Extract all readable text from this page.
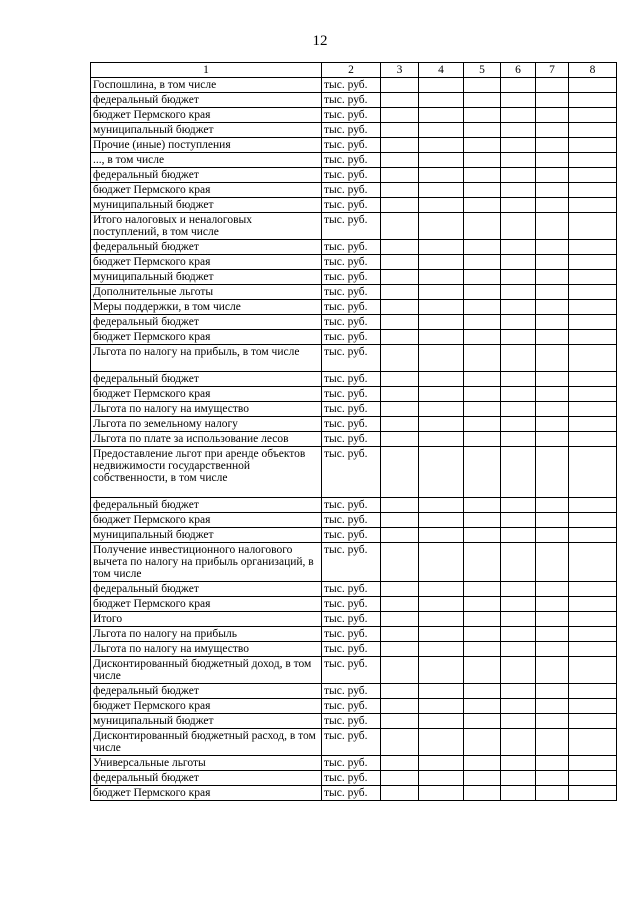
12
1	2	3	4	5	6	7	8
Госпошлина, в том числе	тыс. руб.						
федеральный бюджет	тыс. руб.						
бюджет Пермского края	тыс. руб.						
муниципальный бюджет	тыс. руб.						
Прочие (иные) поступления	тыс. руб.						
..., в том числе	тыс. руб.						
федеральный бюджет	тыс. руб.						
бюджет Пермского края	тыс. руб.						
муниципальный бюджет	тыс. руб.						
Итого налоговых и неналоговых поступлений, в том числе	тыс. руб.						
федеральный бюджет	тыс. руб.						
бюджет Пермского края	тыс. руб.						
муниципальный бюджет	тыс. руб.						
Дополнительные льготы	тыс. руб.						
Меры поддержки, в том числе	тыс. руб.						
федеральный бюджет	тыс. руб.						
бюджет Пермского края	тыс. руб.						
Льгота по налогу на прибыль, в том числе	тыс. руб.						
федеральный бюджет	тыс. руб.						
бюджет Пермского края	тыс. руб.						
Льгота по налогу на имущество	тыс. руб.						
Льгота по земельному налогу	тыс. руб.						
Льгота по плате за использование лесов	тыс. руб.						
Предоставление льгот при аренде объектов недвижимости государственной собственности, в том числе	тыс. руб.						
федеральный бюджет	тыс. руб.						
бюджет Пермского края	тыс. руб.						
муниципальный бюджет	тыс. руб.						
Получение инвестиционного налогового вычета по налогу на прибыль организаций, в том числе	тыс. руб.						
федеральный бюджет	тыс. руб.						
бюджет Пермского края	тыс. руб.						
Итого	тыс. руб.						
Льгота по налогу на прибыль	тыс. руб.						
Льгота по налогу на имущество	тыс. руб.						
Дисконтированный бюджетный доход, в том числе	тыс. руб.						
федеральный бюджет	тыс. руб.						
бюджет Пермского края	тыс. руб.						
муниципальный бюджет	тыс. руб.						
Дисконтированный бюджетный расход, в том числе	тыс. руб.						
Универсальные льготы	тыс. руб.						
федеральный бюджет	тыс. руб.						
бюджет Пермского края	тыс. руб.						
